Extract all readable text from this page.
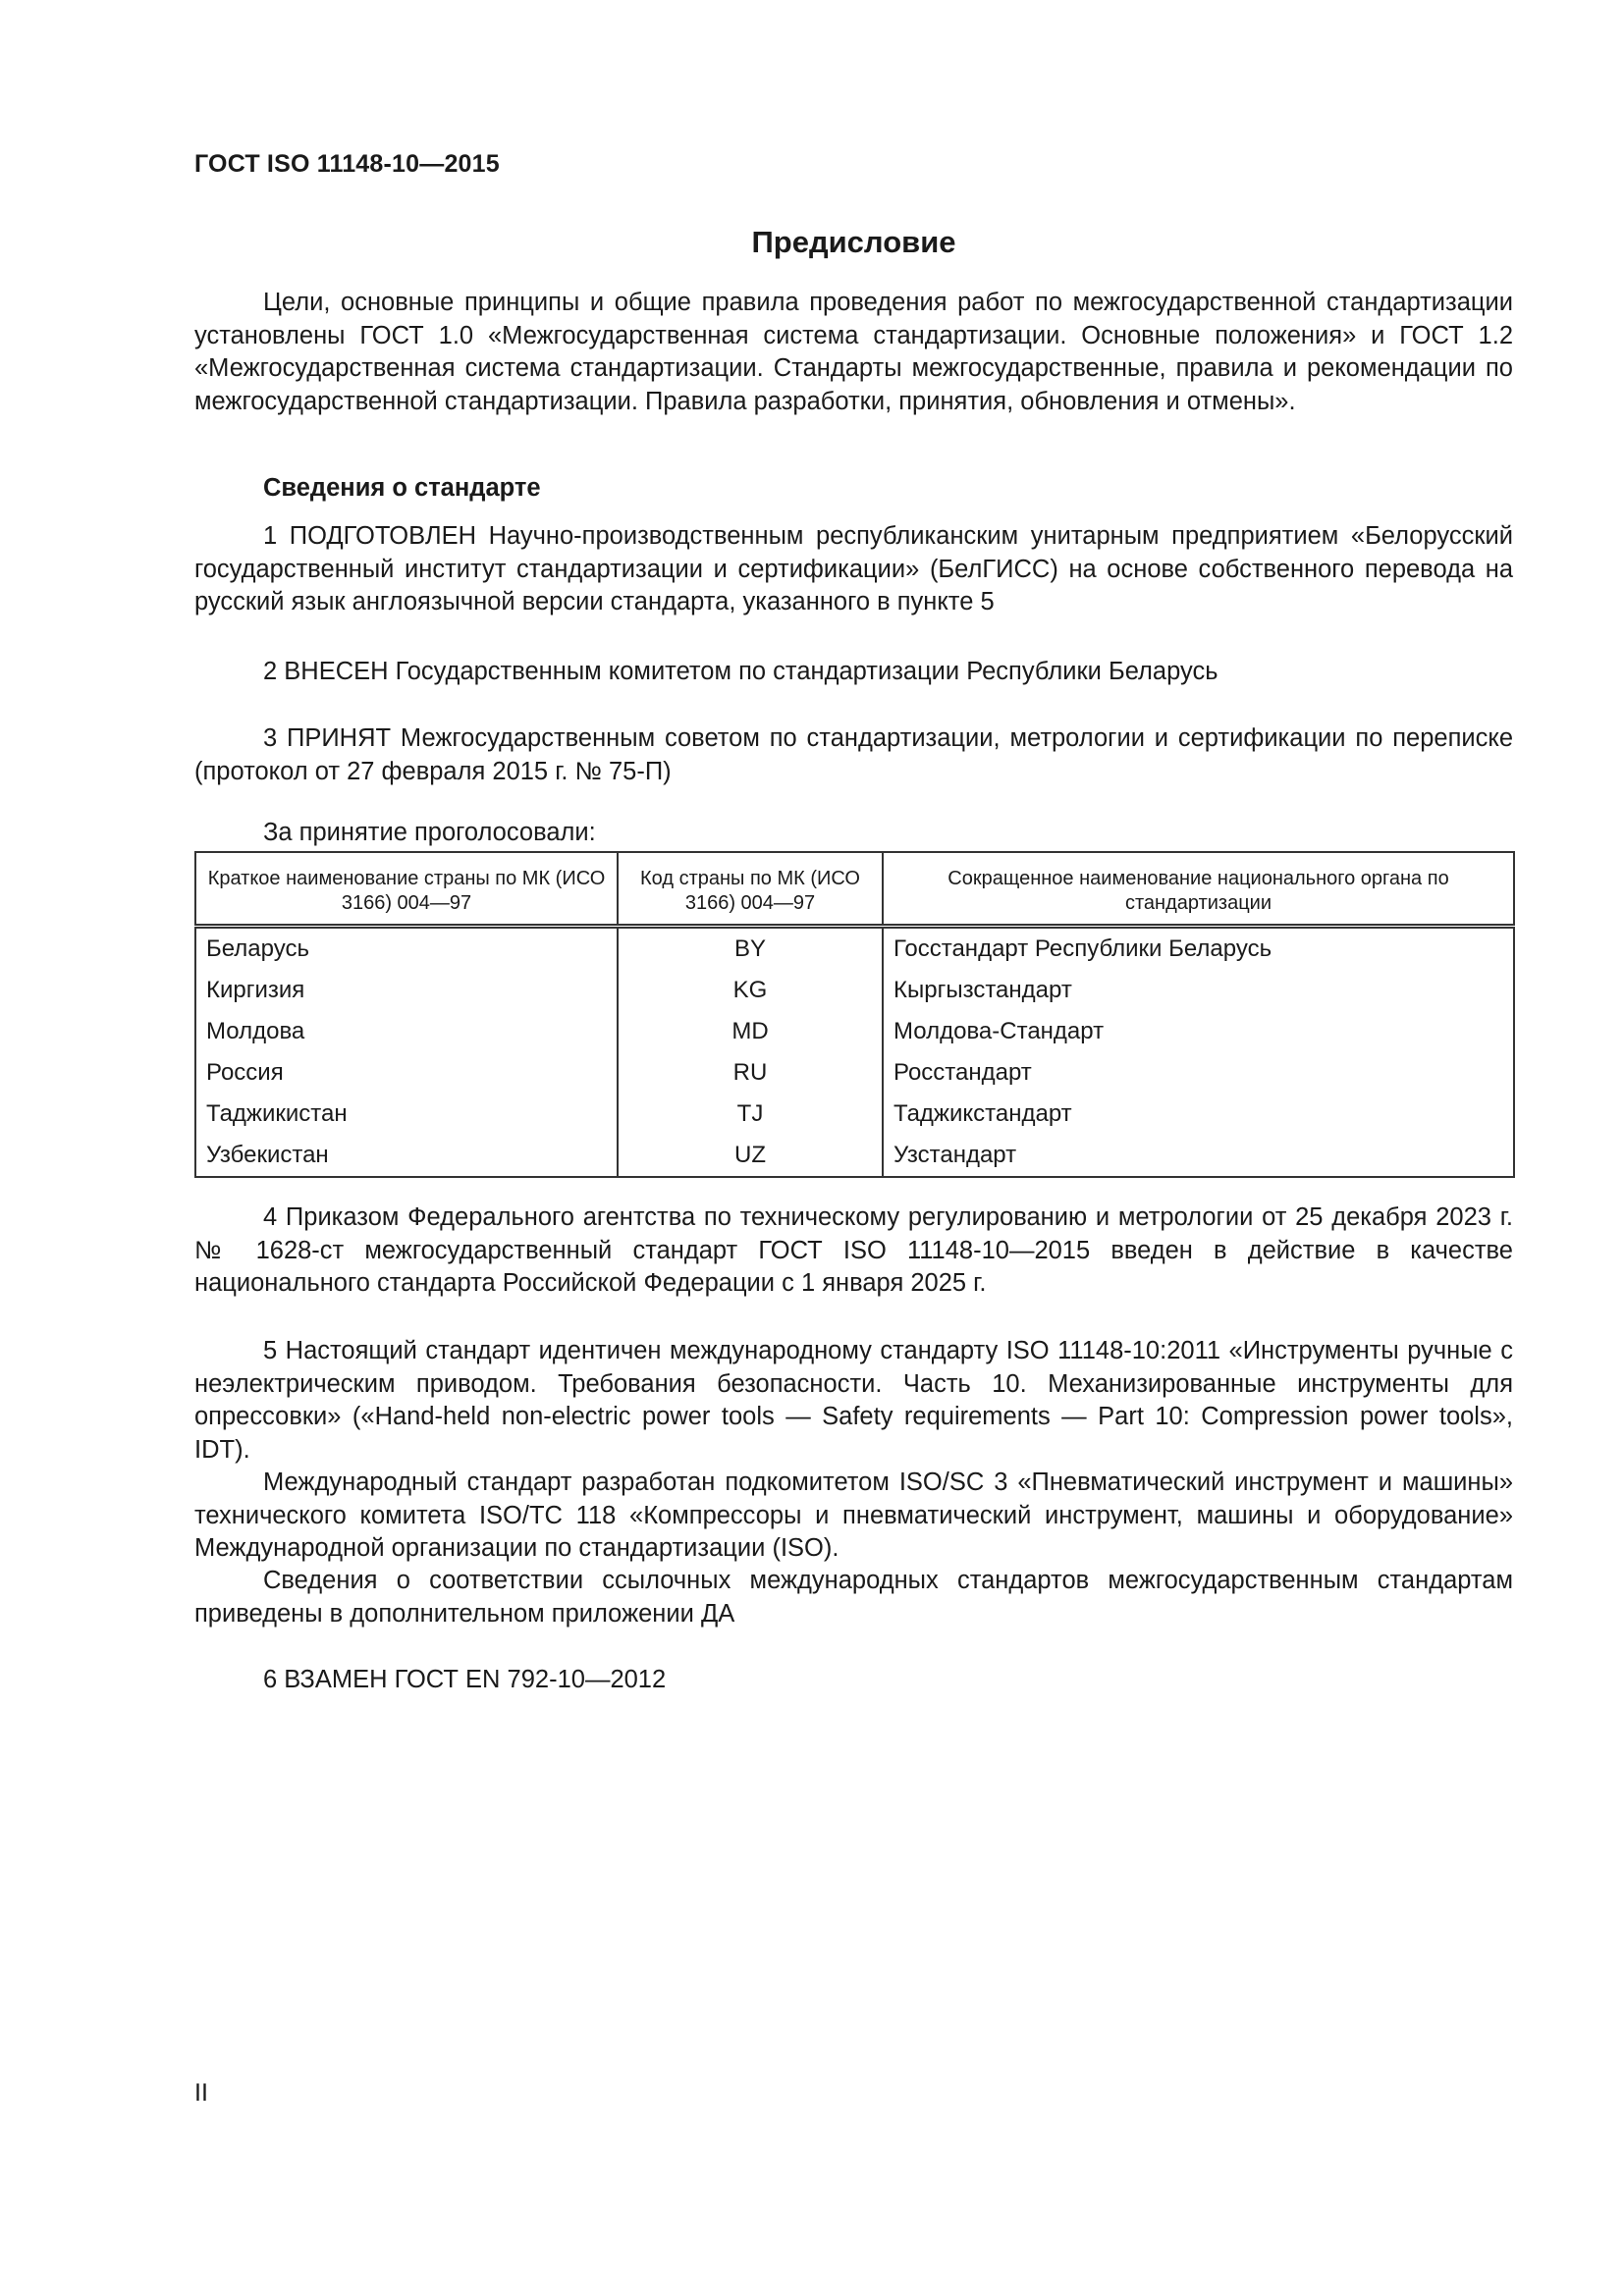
ГОСТ ISO 11148-10—2015
Предисловие

Цели, основные принципы и общие правила проведения работ по межгосударственной стандартизации установлены ГОСТ 1.0 «Межгосударственная система стандартизации. Основные положения» и ГОСТ 1.2 «Межгосударственная система стандартизации. Стандарты межгосударственные, правила и рекомендации по межгосударственной стандартизации. Правила разработки, принятия, обновления и отмены».

Сведения о стандарте

1 ПОДГОТОВЛЕН Научно-производственным республиканским унитарным предприятием «Белорусский государственный институт стандартизации и сертификации» (БелГИСС) на основе собственного перевода на русский язык англоязычной версии стандарта, указанного в пункте 5

2 ВНЕСЕН Государственным комитетом по стандартизации Республики Беларусь

3 ПРИНЯТ Межгосударственным советом по стандартизации, метрологии и сертификации по переписке (протокол от 27 февраля 2015 г. № 75-П)

За принятие проголосовали:
Краткое наименование страны по МК (ИСО 3166) 004—97	Код страны по МК (ИСО 3166) 004—97	Сокращенное наименование национального органа по стандартизации
Беларусь	BY	Госстандарт Республики Беларусь
Киргизия	KG	Кыргызстандарт
Молдова	MD	Молдова-Стандарт
Россия	RU	Росстандарт
Таджикистан	TJ	Таджикстандарт
Узбекистан	UZ	Узстандарт

4 Приказом Федерального агентства по техническому регулированию и метрологии от 25 декабря 2023 г. № 1628-ст межгосударственный стандарт ГОСТ ISO 11148-10—2015 введен в действие в качестве национального стандарта Российской Федерации с 1 января 2025 г.

5 Настоящий стандарт идентичен международному стандарту ISO 11148-10:2011 «Инструменты ручные с неэлектрическим приводом. Требования безопасности. Часть 10. Механизированные инструменты для опрессовки» («Hand-held non-electric power tools — Safety requirements — Part 10: Compression power tools», IDT).

Международный стандарт разработан подкомитетом ISO/SC 3 «Пневматический инструмент и машины» технического комитета ISO/TC 118 «Компрессоры и пневматический инструмент, машины и оборудование» Международной организации по стандартизации (ISO).

Сведения о соответствии ссылочных международных стандартов межгосударственным стандартам приведены в дополнительном приложении ДА

6 ВЗАМЕН ГОСТ EN 792-10—2012

II
